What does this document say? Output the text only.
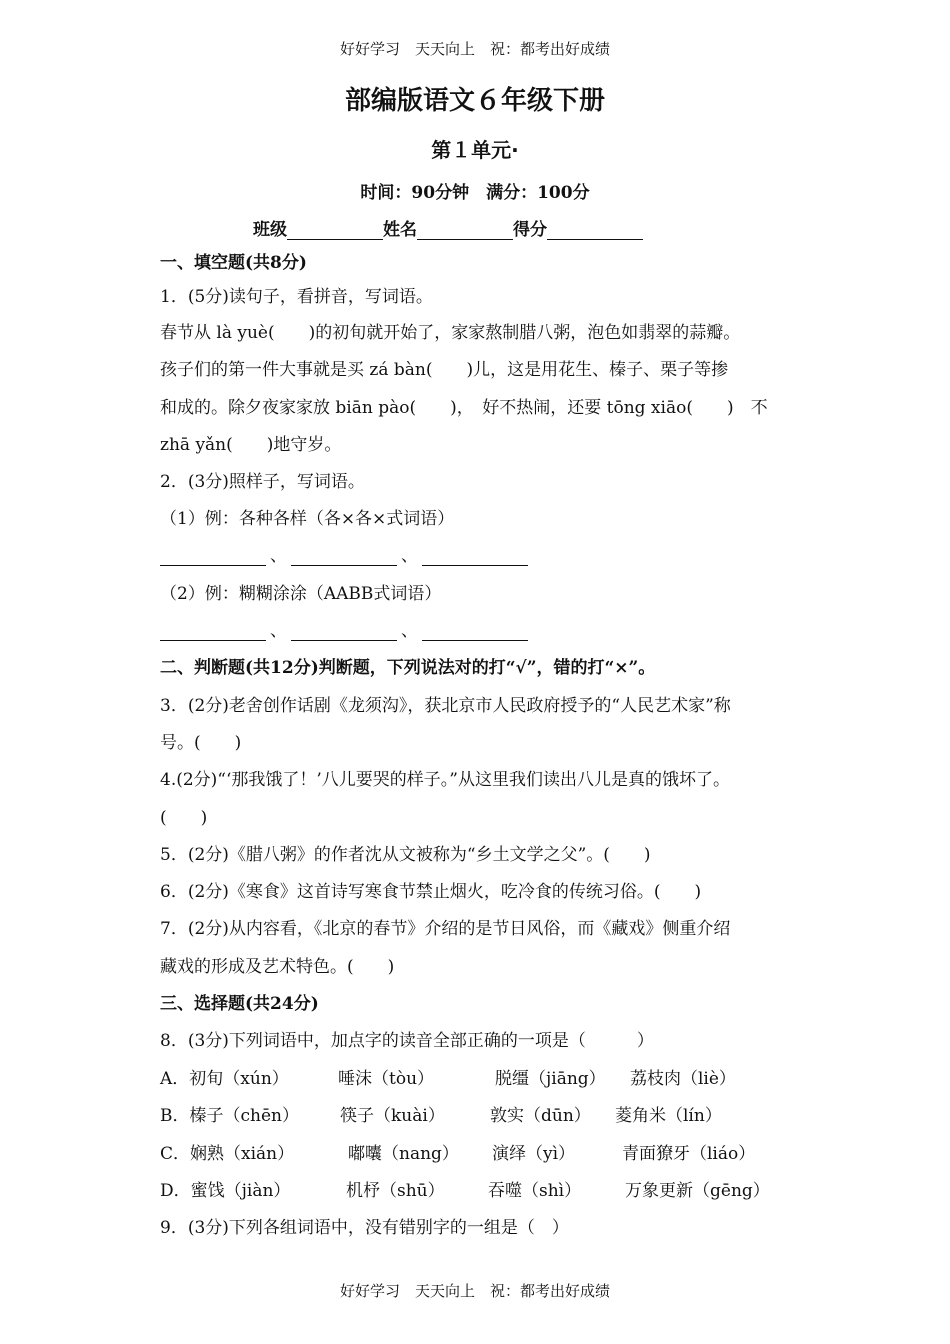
好好学习　天天向上　祝：都考出好成绩
部编版语文６年级下册
第１单元·
时间：90分钟　满分：100分
班级	姓名	得分
一、填空题(共8分)
1．(5分)读句子，看拼音，写词语。
春节从 là yuè(　　)的初旬就开始了，家家熬制腊八粥，泡色如翡翠的蒜瓣。
孩子们的第一件大事就是买 zá bàn(　　)儿，这是用花生、榛子、栗子等掺
和成的。除夕夜家家放 biān pào(　　)，　好不热闹，还要 tōng xiāo(　　)　不
zhā yǎn(　　)地守岁。
2．(3分)照样子，写词语。
（1）例：各种各样（各×各×式词语）
、	、
（2）例：糊糊涂涂（AABB式词语）
、	、
二、判断题(共12分)判断题，下列说法对的打“√”，错的打“×”。
3．(2分)老舍创作话剧《龙须沟》，获北京市人民政府授予的“人民艺术家”称
号。(　　)
4.(2分)“‘那我饿了！’八儿要哭的样子。”从这里我们读出八儿是真的饿坏了。
(　　)
5．(2分)《腊八粥》的作者沈从文被称为“乡土文学之父”。(　　)
6．(2分)《寒食》这首诗写寒食节禁止烟火，吃冷食的传统习俗。(　　)
7．(2分)从内容看，《北京的春节》介绍的是节日风俗，而《藏戏》侧重介绍
藏戏的形成及艺术特色。(　　)
三、选择题(共24分)
8．(3分)下列词语中，加点字的读音全部正确的一项是（　　　）
A．初旬（xún）	唾沫（tòu）	脱缰（jiāng） 荔枝肉（liè）
B．榛子（chēn） 筷子（kuài）	敦实（dūn） 菱角米（lín）
C．娴熟（xián）	嘟囔（nang） 演绎（yì）	青面獠牙（liáo）
D．蜜饯（jiàn）	机杼（shū）	吞噬（shì）	万象更新（gēng）
9．(3分)下列各组词语中，没有错别字的一组是（　）
好好学习　天天向上　祝：都考出好成绩
